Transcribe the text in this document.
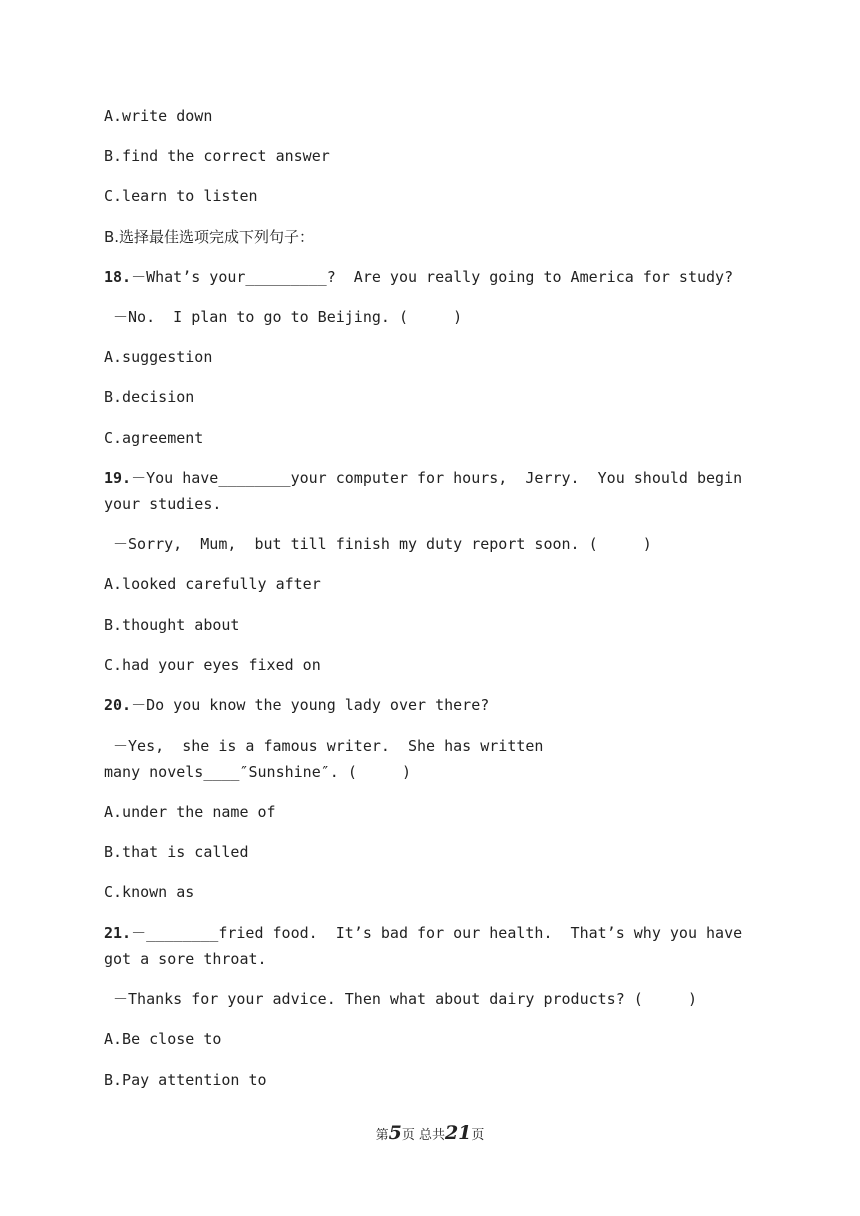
A.write down
B.find the correct answer
C.learn to listen
B.选择最佳选项完成下列句子：
18.－What’s your_________?  Are you really going to America for study?
－No.  I plan to go to Beijing. (     )
A.suggestion
B.decision
C.agreement
19.－You have________your computer for hours,  Jerry.  You should begin your studies.
－Sorry,  Mum,  but till finish my duty report soon. (     )
A.looked carefully after
B.thought about
C.had your eyes fixed on
20.－Do you know the young lady over there?
－Yes,  she is a famous writer.  She has written many novels____″Sunshine″. (     )
A.under the name of
B.that is called
C.known as
21.－________fried food.  It’s bad for our health.  That’s why you have got a sore throat.
－Thanks for your advice. Then what about dairy products? (     )
A.Be close to
B.Pay attention to
第5页 总共21页
